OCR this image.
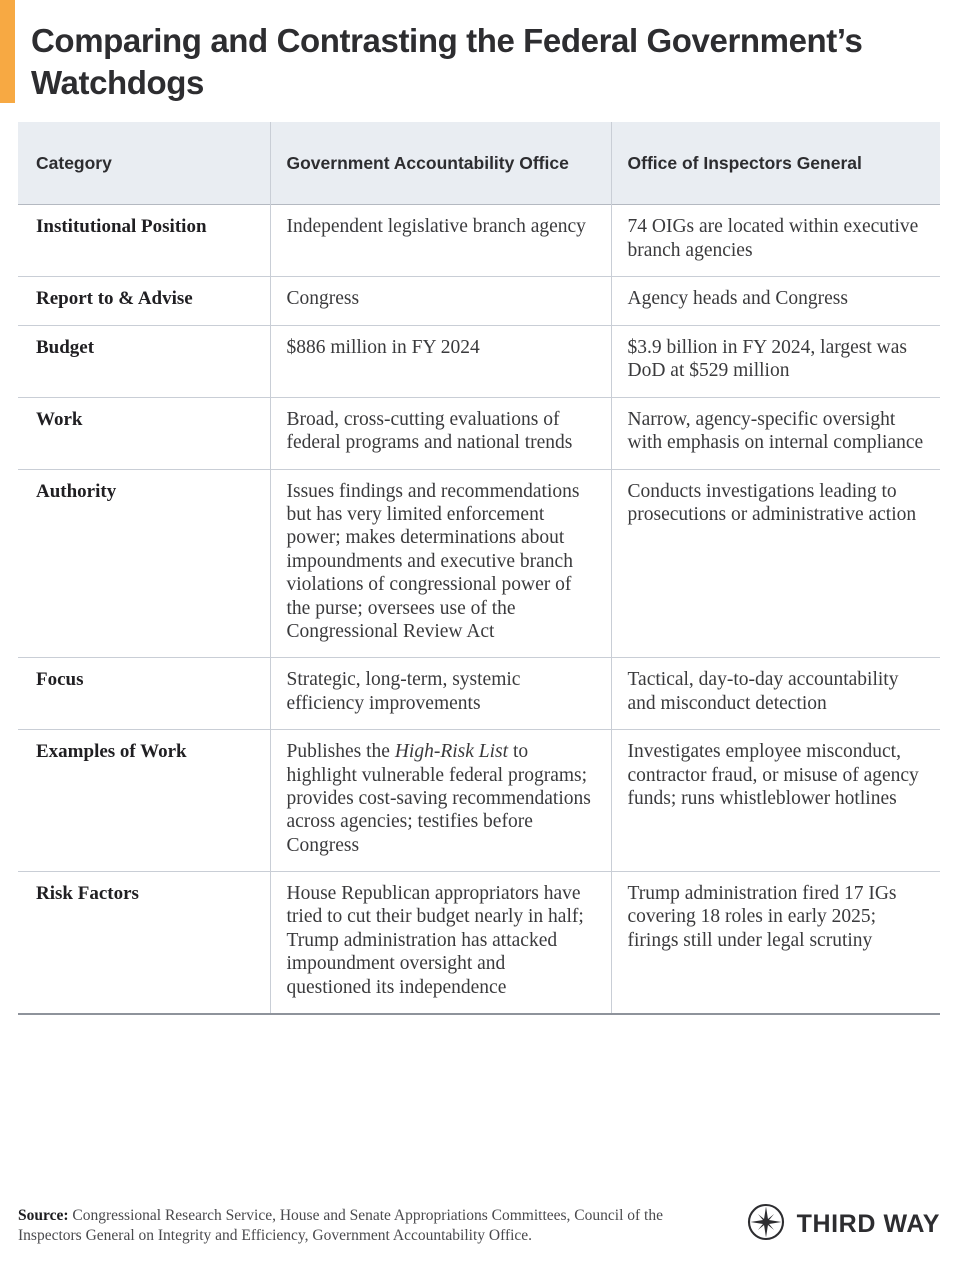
Comparing and Contrasting the Federal Government’s Watchdogs
Category	Government Accountability Office	Office of Inspectors General
Institutional Position	Independent legislative branch agency	74 OIGs are located within executive branch agencies
Report to & Advise	Congress	Agency heads and Congress
Budget	$886 million in FY 2024	$3.9 billion in FY 2024, largest was DoD at $529 million
Work	Broad, cross-cutting evaluations of federal programs and national trends	Narrow, agency-specific oversight with emphasis on internal compliance
Authority	Issues findings and recommendations but has very limited enforcement power; makes determinations about impoundments and executive branch violations of congressional power of the purse; oversees use of the Congressional Review Act	Conducts investigations leading to prosecutions or administrative action
Focus	Strategic, long-term, systemic efficiency improvements	Tactical, day-to-day accountability and misconduct detection
Examples of Work	Publishes the High-Risk List to highlight vulnerable federal programs; provides cost-saving recommendations across agencies; testifies before Congress	Investigates employee misconduct, contractor fraud, or misuse of agency funds; runs whistleblower hotlines
Risk Factors	House Republican appropriators have tried to cut their budget nearly in half; Trump administration has attacked impoundment oversight and questioned its independence	Trump administration fired 17 IGs covering 18 roles in early 2025; firings still under legal scrutiny
Source: Congressional Research Service, House and Senate Appropriations Committees, Council of the Inspectors General on Integrity and Efficiency, Government Accountability Office.	THIRD WAY
